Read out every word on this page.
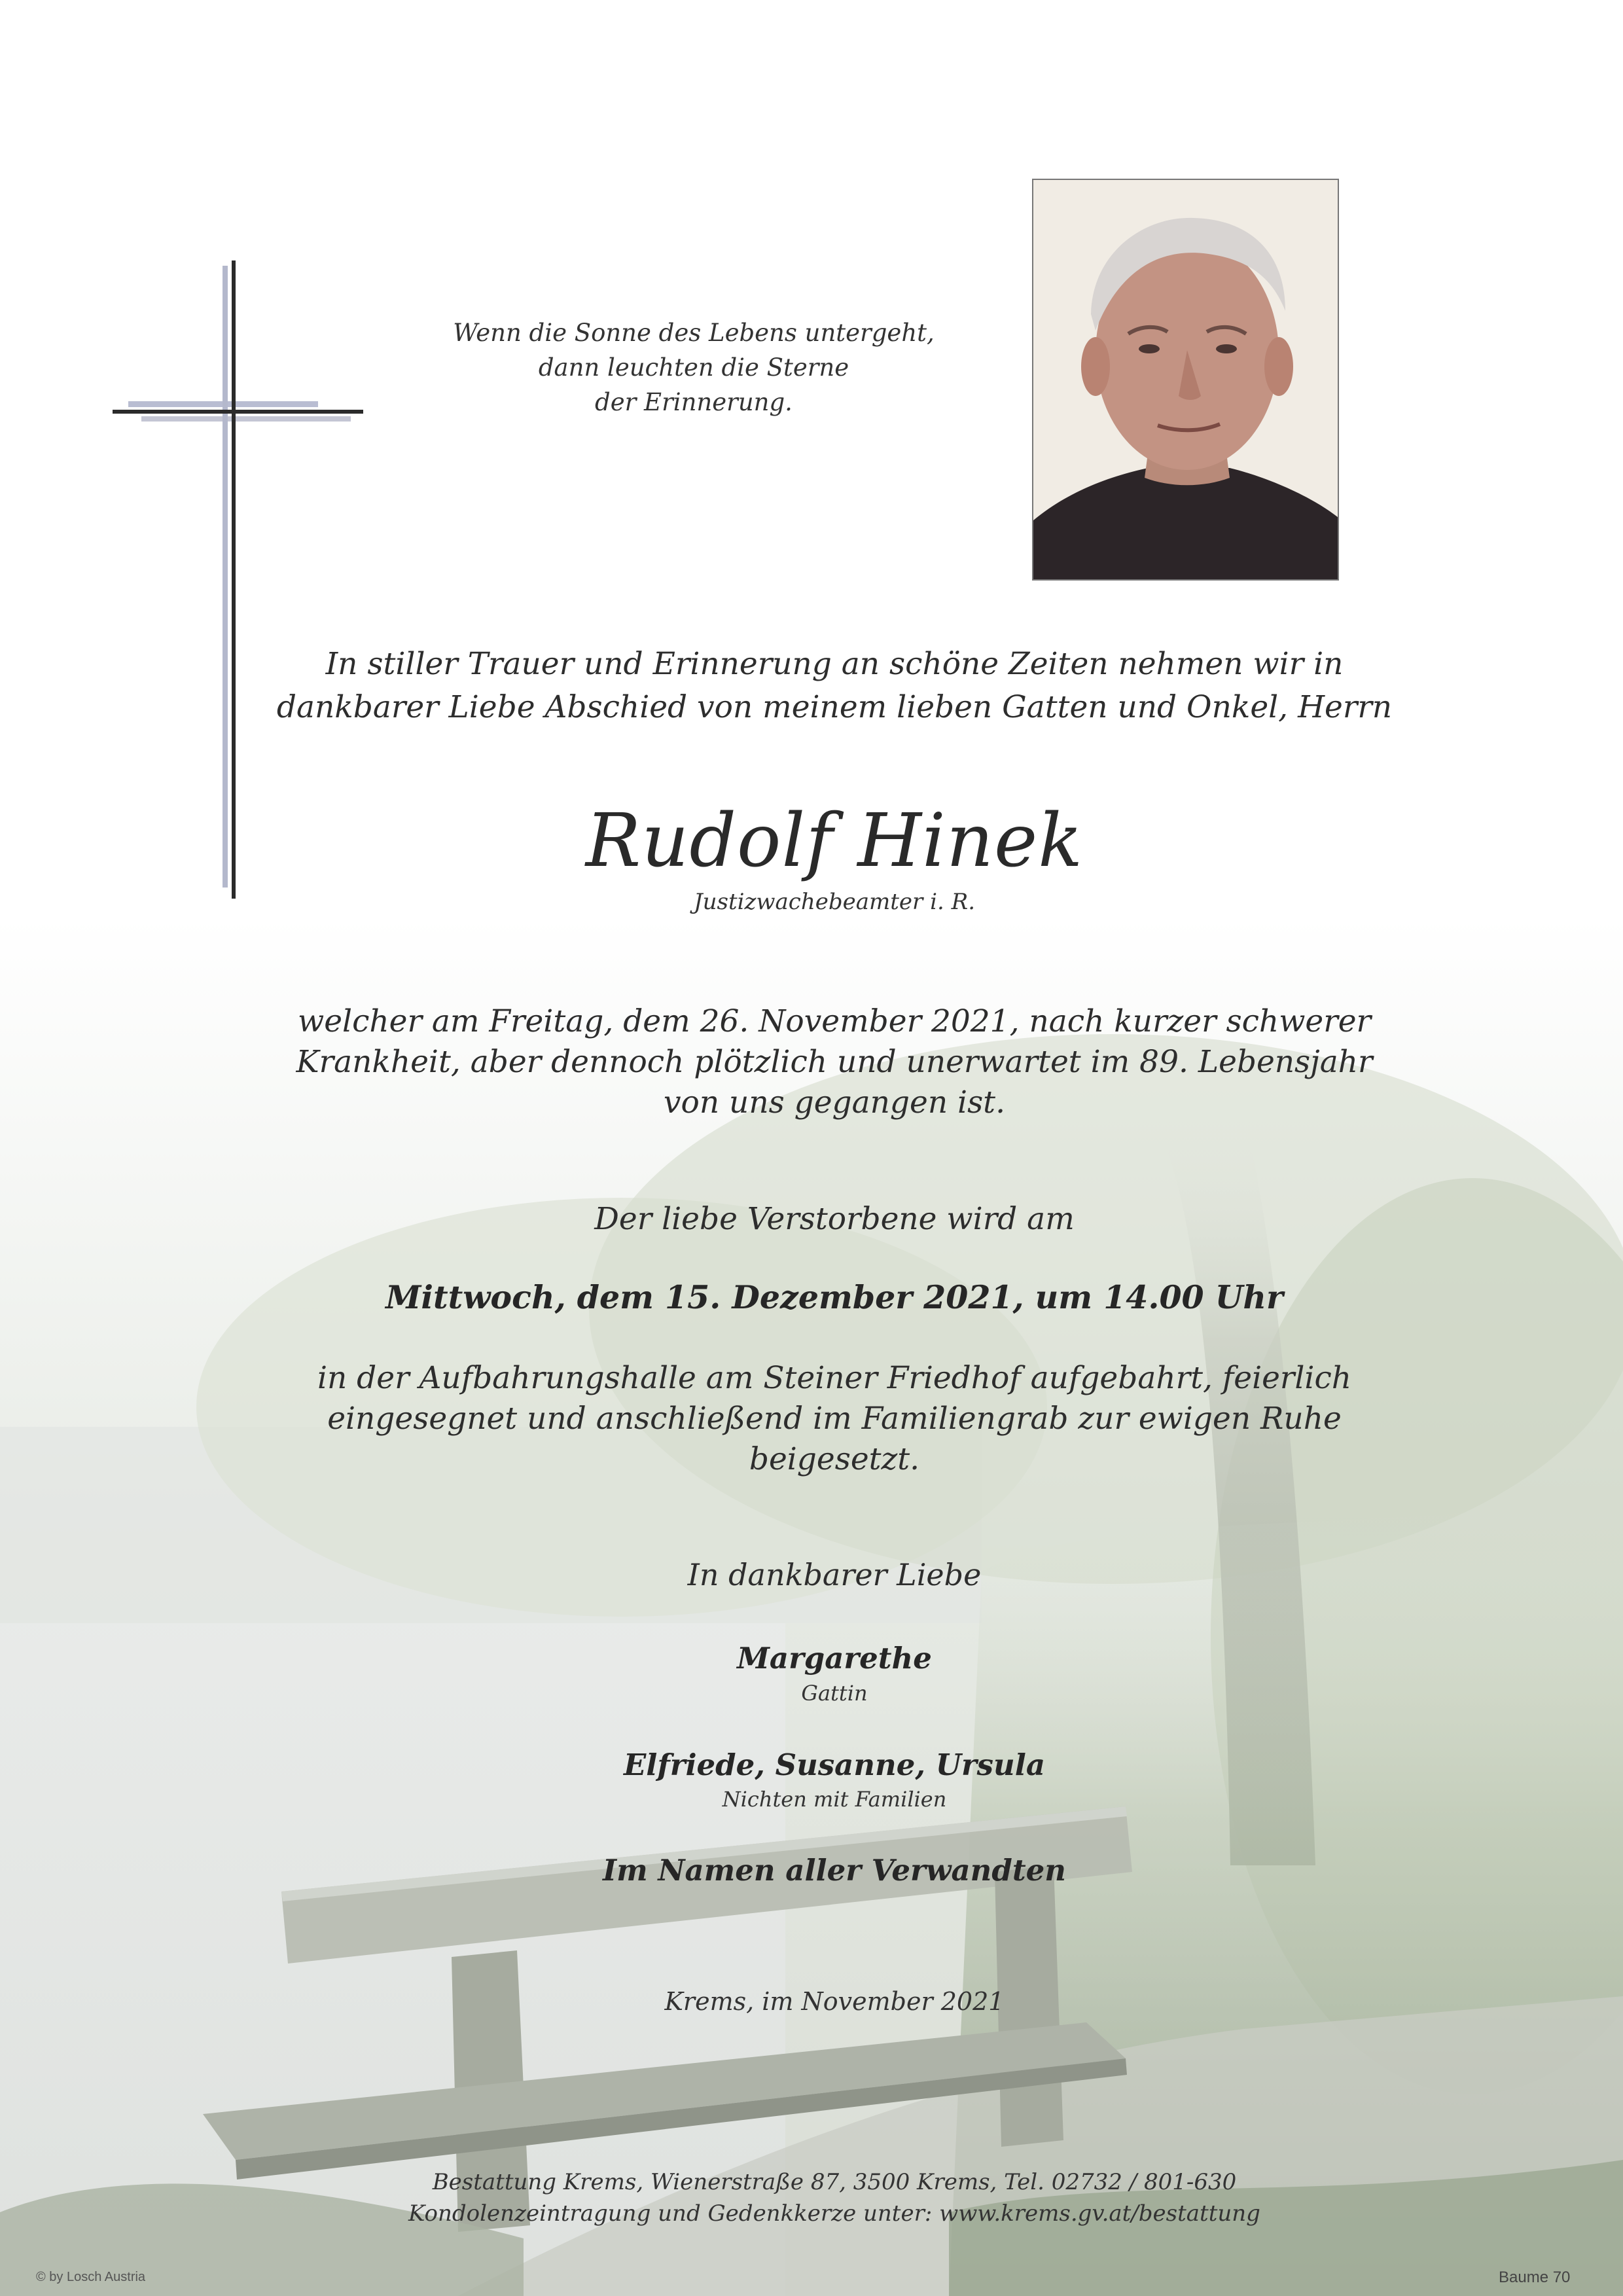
Wenn die Sonne des Lebens untergeht,
dann leuchten die Sterne
der Erinnerung.
In stiller Trauer und Erinnerung an schöne Zeiten nehmen wir in
dankbarer Liebe Abschied von meinem lieben Gatten und Onkel, Herrn
Rudolf Hinek
Justizwachebeamter i. R.
welcher am Freitag, dem 26. November 2021, nach kurzer schwerer
Krankheit, aber dennoch plötzlich und unerwartet im 89. Lebensjahr
von uns gegangen ist.
Der liebe Verstorbene wird am
Mittwoch, dem 15. Dezember 2021, um 14.00 Uhr
in der Aufbahrungshalle am Steiner Friedhof aufgebahrt, feierlich
eingesegnet und anschließend im Familiengrab zur ewigen Ruhe
beigesetzt.
In dankbarer Liebe
Margarethe
Gattin
Elfriede, Susanne, Ursula
Nichten mit Familien
Im Namen aller Verwandten
Krems, im November 2021
Bestattung Krems, Wienerstraße 87, 3500 Krems, Tel. 02732 / 801-630
Kondolenzeintragung und Gedenkkerze unter: www.krems.gv.at/bestattung
© by Losch Austria	Baume 70
